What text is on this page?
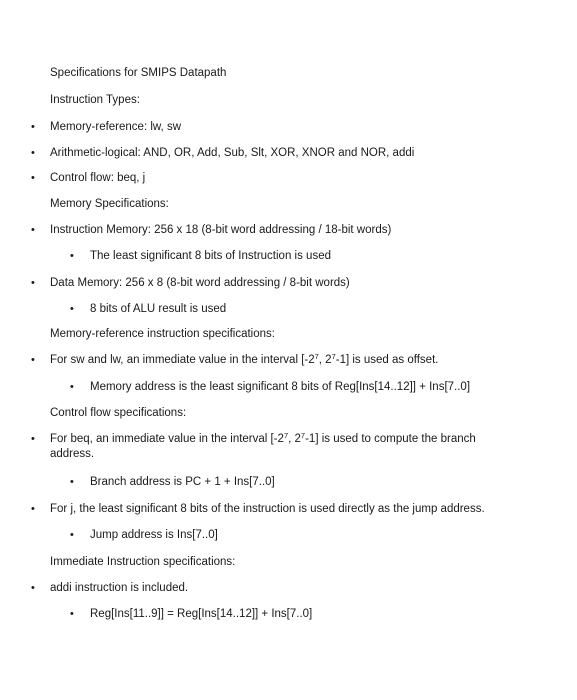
Specifications for SMIPS Datapath
Instruction Types:
• Memory-reference: lw, sw
• Arithmetic-logical: AND, OR, Add, Sub, Slt, XOR, XNOR and NOR, addi
• Control flow: beq, j
Memory Specifications:
• Instruction Memory: 256 x 18 (8-bit word addressing / 18-bit words)
• The least significant 8 bits of Instruction is used
• Data Memory: 256 x 8 (8-bit word addressing / 8-bit words)
• 8 bits of ALU result is used
Memory-reference instruction specifications:
• For sw and lw, an immediate value in the interval [$-2^7$, $2^7-1$] is used as offset.
• Memory address is the least significant 8 bits of Reg[Ins[14..12]] + Ins[7..0]
Control flow specifications:
• For beq, an immediate value in the interval [$-2^7$, $2^7-1$] is used to compute the branch address.
• Branch address is PC + 1 + Ins[7..0]
• For j, the least significant 8 bits of the instruction is used directly as the jump address.
• Jump address is Ins[7..0]
Immediate Instruction specifications:
• addi instruction is included.
• Reg[Ins[11..9]] = Reg[Ins[14..12]] + Ins[7..0]
